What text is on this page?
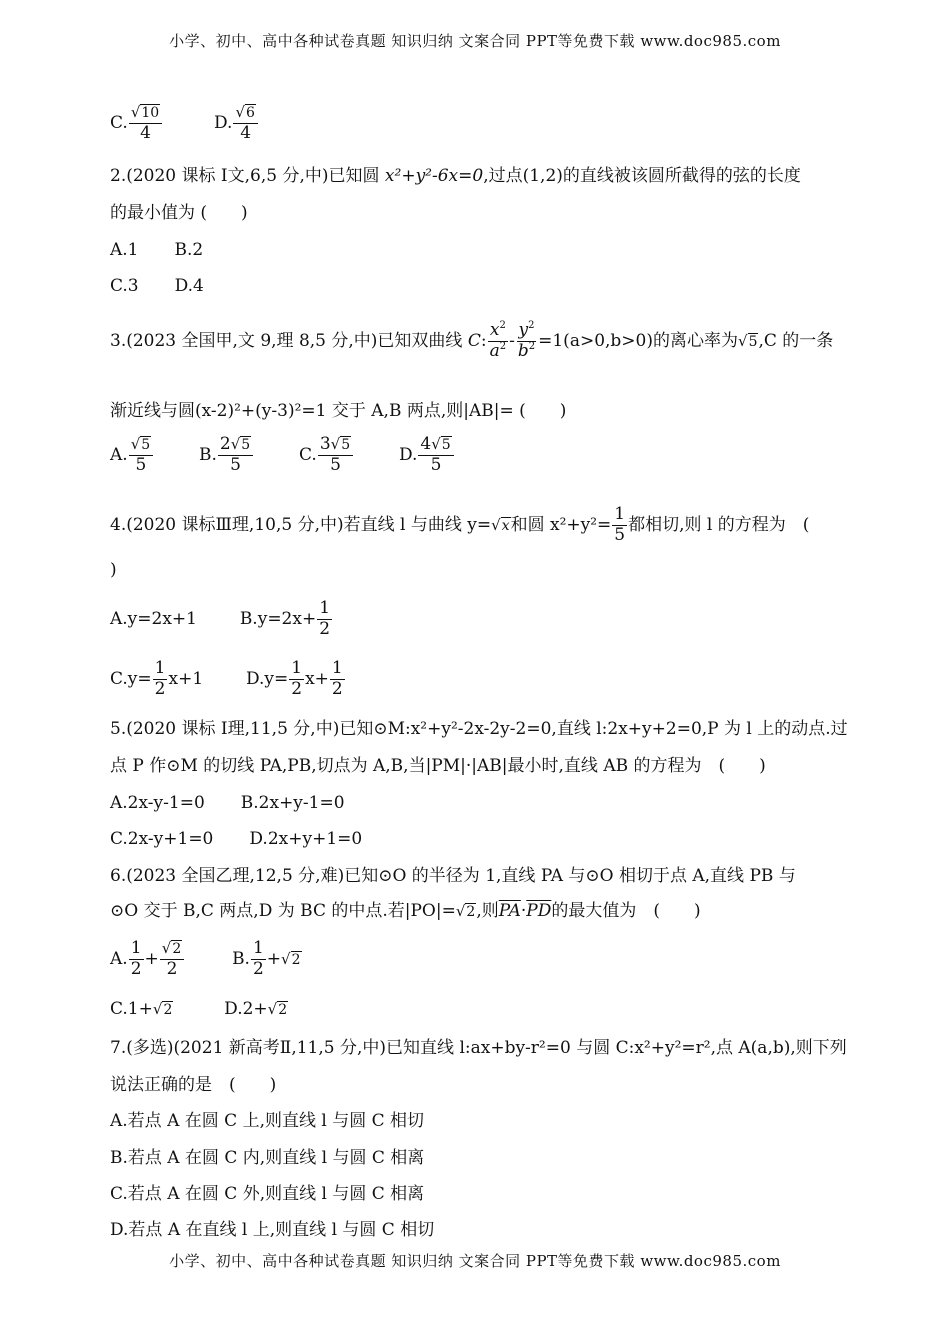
小学、初中、高中各种试卷真题 知识归纳 文案合同 PPT等免费下载 www.doc985.com
C. $\frac{√10}{4}$	D. $\frac{√6}{4}$
2.(2020 课标 Ⅰ文,6,5 分,中)已知圆 x²+y²-6x=0,过点(1,2)的直线被该圆所截得的弦的长度
的最小值为 (　　)
A.1 B.2
C.3 D.4
3.(2023 全国甲,文 9,理 8,5 分,中)已知双曲线 C: $\frac{x^2}{a^2} - \frac{y^2}{b^2} =1(a>0,b>0)$的离心率为√5,C 的一条
渐近线与圆(x-2)²+(y-3)²=1 交于 A,B 两点,则|AB|= (　　)
A. $\frac{√5}{5}$	B. $\frac{2√5}{5}$	C. $\frac{3√5}{5}$	D. $\frac{4√5}{5}$
4.(2020 课标Ⅲ理,10,5 分,中)若直线 l 与曲线 y=√x和圆 $x^2+y^2= \frac{1}{5}$ 都相切,则 l 的方程为　(
)
A.y=2x+1	$B.y=2x+ \frac{1}{2}$
$C.y= \frac{1}{2} x+1$	$D.y= \frac{1}{2} x+ \frac{1}{2}$
5.(2020 课标 Ⅰ理,11,5 分,中)已知⊙M:x²+y²-2x-2y-2=0,直线 l:2x+y+2=0,P 为 l 上的动点.过
点 P 作⊙M 的切线 PA,PB,切点为 A,B,当|PM|·|AB|最小时,直线 AB 的方程为　(　　)
A.2x-y-1=0 B.2x+y-1=0
C.2x-y+1=0 D.2x+y+1=0
6.(2023 全国乙理,12,5 分,难)已知⊙O 的半径为 1,直线 PA 与⊙O 相切于点 A,直线 PB 与
⊙O 交于 B,C 两点,D 为 BC 的中点.若|PO|=√2,则$\overline{PA}\cdot\overline{PD}$的最大值为　(　　)
A. $\frac{1}{2} + \frac{√2}{2}$	B. $\frac{1}{2} +√2$
C.1+√2	D.2+√2
7.(多选)(2021 新高考Ⅱ,11,5 分,中)已知直线 l:ax+by-r²=0 与圆 C:x²+y²=r²,点 A(a,b),则下列
说法正确的是　(　　)
A.若点 A 在圆 C 上,则直线 l 与圆 C 相切
B.若点 A 在圆 C 内,则直线 l 与圆 C 相离
C.若点 A 在圆 C 外,则直线 l 与圆 C 相离
D.若点 A 在直线 l 上,则直线 l 与圆 C 相切
小学、初中、高中各种试卷真题 知识归纳 文案合同 PPT等免费下载 www.doc985.com
